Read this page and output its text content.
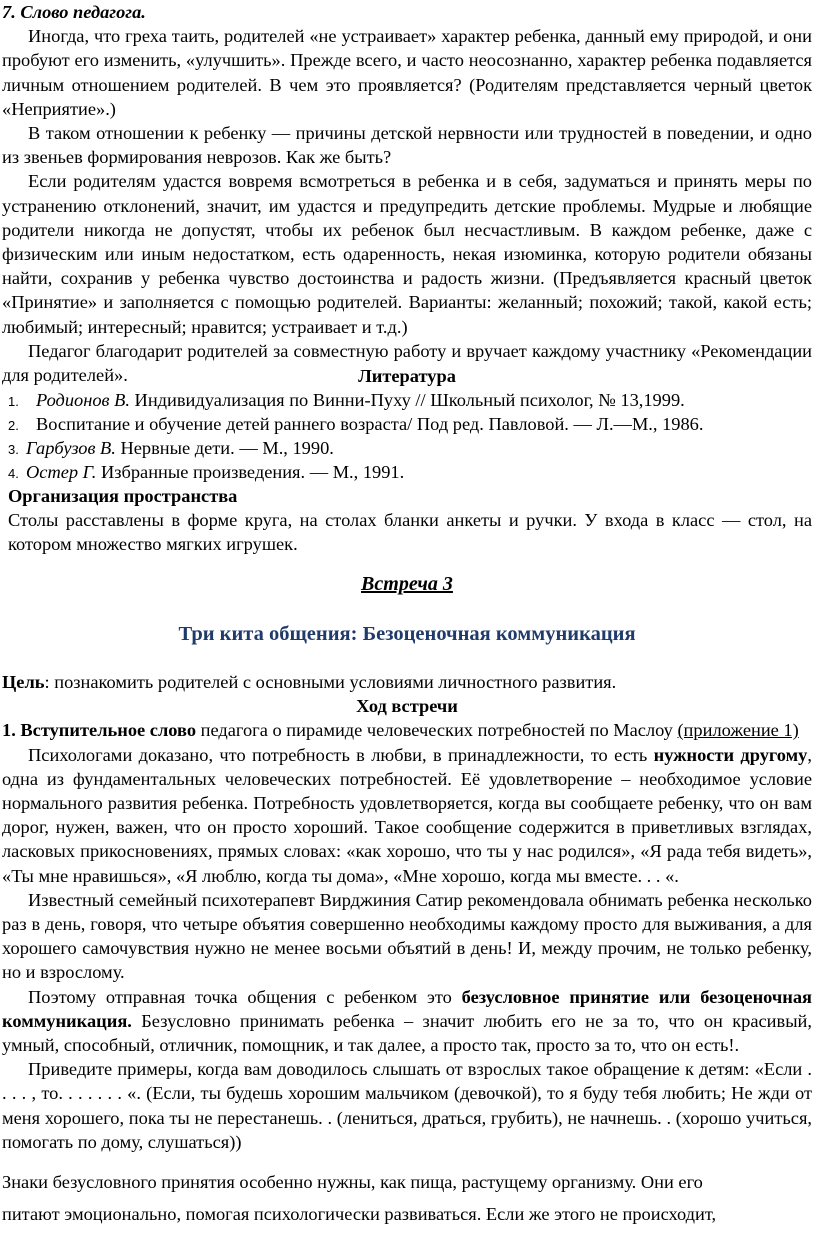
7. Слово педагога.

Иногда, что греха таить, родителей «не устраивает» характер ребенка, данный ему природой, и они пробуют его изменить, «улучшить». Прежде всего, и часто неосознанно, характер ребенка подавляется личным отношением родителей. В чем это проявляется? (Родителям представляется черный цветок «Неприятие».)

В таком отношении к ребенку — причины детской нервности или трудностей в поведении, и одно из звеньев формирования неврозов. Как же быть?

Если родителям удастся вовремя всмотреться в ребенка и в себя, задуматься и принять меры по устранению отклонений, значит, им удастся и предупредить детские проблемы. Мудрые и любящие родители никогда не допустят, чтобы их ребенок был несчастливым. В каждом ребенке, даже с физическим или иным недостатком, есть одаренность, некая изюминка, которую родители обязаны найти, сохранив у ребенка чувство достоинства и радость жизни. (Предъявляется красный цветок «Принятие» и заполняется с помощью родителей. Варианты: желанный; похожий; такой, какой есть; любимый; интересный; нравится; устраивает и т.д.)

Педагог благодарит родителей за совместную работу и вручает каждому участнику «Рекомендации для родителей».	Литература
1. Родионов В. Индивидуализация по Винни-Пуху // Школьный психолог, № 13,1999.
2. Воспитание и обучение детей раннего возраста/ Под ред. Павловой. — Л.—М., 1986.
3. Гарбузов В. Нервные дети. — М., 1990.
4. Остер Г. Избранные произведения. — М., 1991.

Организация пространства

Столы расставлены в форме круга, на столах бланки анкеты и ручки. У входа в класс — стол, на котором множество мягких игрушек.

Встреча 3
Три кита общения: Безоценочная коммуникация

Цель: познакомить родителей с основными условиями личностного развития.

Ход встречи

1. Вступительное слово педагога о пирамиде человеческих потребностей по Маслоу (приложение 1)

Психологами доказано, что потребность в любви, в принадлежности, то есть нужности другому, одна из фундаментальных человеческих потребностей. Её удовлетворение – необходимое условие нормального развития ребенка. Потребность удовлетворяется, когда вы сообщаете ребенку, что он вам дорог, нужен, важен, что он просто хороший. Такое сообщение содержится в приветливых взглядах, ласковых прикосновениях, прямых словах: «как хорошо, что ты у нас родился», «Я рада тебя видеть», «Ты мне нравишься», «Я люблю, когда ты дома», «Мне хорошо, когда мы вместе. . . «.

Известный семейный психотерапевт Вирджиния Сатир рекомендовала обнимать ребенка несколько раз в день, говоря, что четыре объятия совершенно необходимы каждому просто для выживания, а для хорошего самочувствия нужно не менее восьми объятий в день! И, между прочим, не только ребенку, но и взрослому.

Поэтому отправная точка общения с ребенком это безусловное принятие или безоценочная коммуникация. Безусловно принимать ребенка – значит любить его не за то, что он красивый, умный, способный, отличник, помощник, и так далее, а просто так, просто за то, что он есть!.

Приведите примеры, когда вам доводилось слышать от взрослых такое обращение к детям: «Если . . . . , то. . . . . . . «. (Если, ты будешь хорошим мальчиком (девочкой), то я буду тебя любить; Не жди от меня хорошего, пока ты не перестанешь. . (лениться, драться, грубить), не начнешь. . (хорошо учиться, помогать по дому, слушаться))

Знаки безусловного принятия особенно нужны, как пища, растущему организму. Они его

питают эмоционально, помогая психологически развиваться. Если же этого не происходит,
